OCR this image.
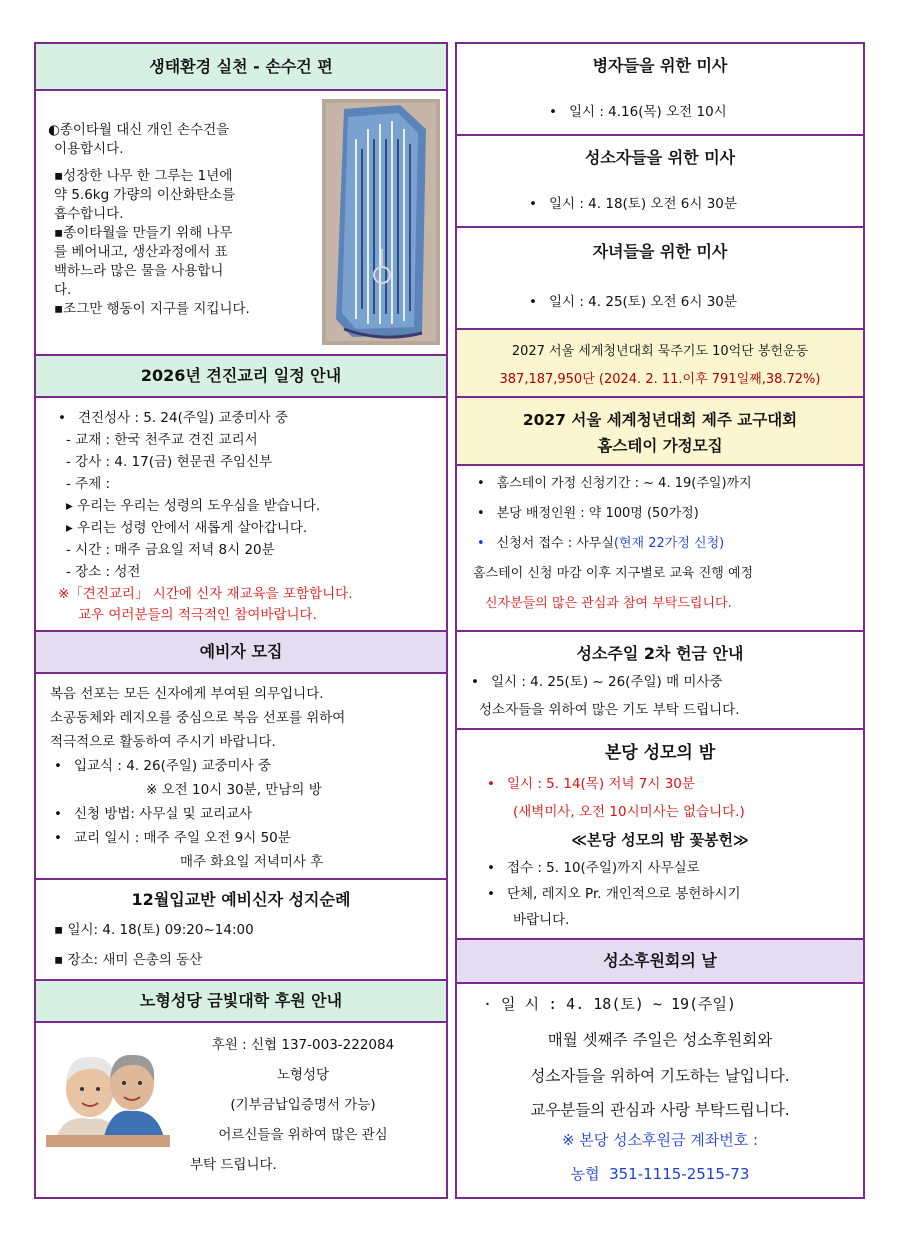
생태환경 실천 - 손수건 편
◐종이타월 대신 개인 손수건을
이용합시다.
▪성장한 나무 한 그루는 1년에
약 5.6kg 가량의 이산화탄소를
흡수합니다.
▪종이타월을 만들기 위해 나무
를 베어내고, 생산과정에서 표
백하느라 많은 물을 사용합니
다.
▪조그만 행동이 지구를 지킵니다.
2026년 견진교리 일정 안내
• 견진성사 : 5. 24(주일) 교중미사 중
- 교재 : 한국 천주교 견진 교리서
- 강사 : 4. 17(금) 현문권 주임신부
- 주제 :
▸ 우리는 우리는 성령의 도우심을 받습니다.
▸ 우리는 성령 안에서 새롭게 살아갑니다.
- 시간 : 매주 금요일 저녁 8시 20분
- 장소 : 성전
※「견진교리」 시간에 신자 재교육을 포함합니다.
교우 여러분들의 적극적인 참여바랍니다.
예비자 모집
복음 선포는 모든 신자에게 부여된 의무입니다.
소공동체와 레지오를 중심으로 복음 선포를 위하여
적극적으로 활동하여 주시기 바랍니다.
• 입교식 : 4. 26(주일) 교중미사 중
※ 오전 10시 30분, 만남의 방
• 신청 방법: 사무실 및 교리교사
• 교리 일시 : 매주 주일 오전 9시 50분
매주 화요일 저녁미사 후
12월입교반 예비신자 성지순례
▪ 일시: 4. 18(토) 09:20~14:00
▪ 장소: 새미 은총의 동산
노형성당 금빛대학 후원 안내
후원 : 신협 137-003-222084
노형성당
(기부금납입증명서 가능)
어르신들을 위하여 많은 관심
부탁 드립니다.
병자들을 위한 미사
• 일시 : 4.16(목) 오전 10시
성소자들을 위한 미사
• 일시 : 4. 18(토) 오전 6시 30분
자녀들을 위한 미사
• 일시 : 4. 25(토) 오전 6시 30분
2027 서울 세계청년대회 묵주기도 10억단 봉헌운동
387,187,950단 (2024. 2. 11.이후 791일째,38.72%)
2027 서울 세계청년대회 제주 교구대회
홈스테이 가정모집
• 홈스테이 가정 신청기간 : ~ 4. 19(주일)까지
• 본당 배정인원 : 약 100명 (50가정)
• 신청서 접수 : 사무실(현재 22가정 신청)
홈스테이 신청 마감 이후 지구별로 교육 진행 예정
신자분들의 많은 관심과 참여 부탁드립니다.
성소주일 2차 헌금 안내
• 일시 : 4. 25(토) ~ 26(주일) 매 미사중
성소자들을 위하여 많은 기도 부탁 드립니다.
본당 성모의 밤
• 일시 : 5. 14(목) 저녁 7시 30분
(새벽미사, 오전 10시미사는 없습니다.)
≪본당 성모의 밤 꽃봉헌≫
• 접수 : 5. 10(주일)까지 사무실로
• 단체, 레지오 Pr. 개인적으로 봉헌하시기
바랍니다.
성소후원회의 날
· 일 시 : 4. 18(토) ~ 19(주일)
매월 셋째주 주일은 성소후원회와
성소자들을 위하여 기도하는 날입니다.
교우분들의 관심과 사랑 부탁드립니다.
※ 본당 성소후원금 계좌번호 :
농협  351-1115-2515-73
